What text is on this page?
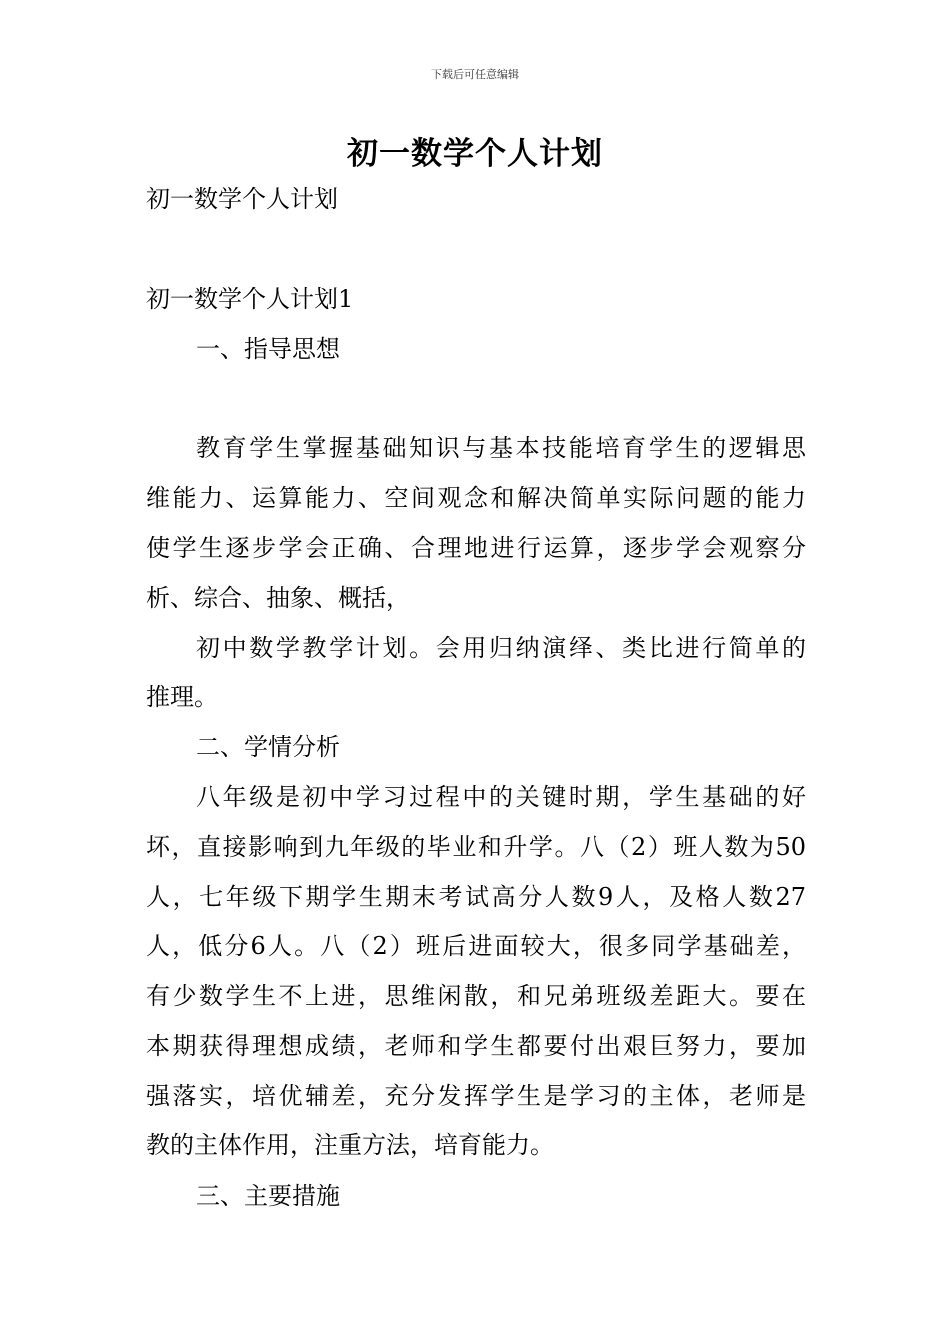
下载后可任意编辑
初一数学个人计划

初一数学个人计划

初一数学个人计划1

一、指导思想

教育学生掌握基础知识与基本技能培育学生的逻辑思

维能力、运算能力、空间观念和解决简单实际问题的能力

使学生逐步学会正确、合理地进行运算，逐步学会观察分

析、综合、抽象、概括，

初中数学教学计划。会用归纳演绎、类比进行简单的

推理。

二、学情分析

八年级是初中学习过程中的关键时期，学生基础的好

坏，直接影响到九年级的毕业和升学。八（2）班人数为50

人，七年级下期学生期末考试高分人数9人，及格人数27

人，低分6人。八（2）班后进面较大，很多同学基础差，

有少数学生不上进，思维闲散，和兄弟班级差距大。要在

本期获得理想成绩，老师和学生都要付出艰巨努力，要加

强落实，培优辅差，充分发挥学生是学习的主体，老师是

教的主体作用，注重方法，培育能力。

三、主要措施
